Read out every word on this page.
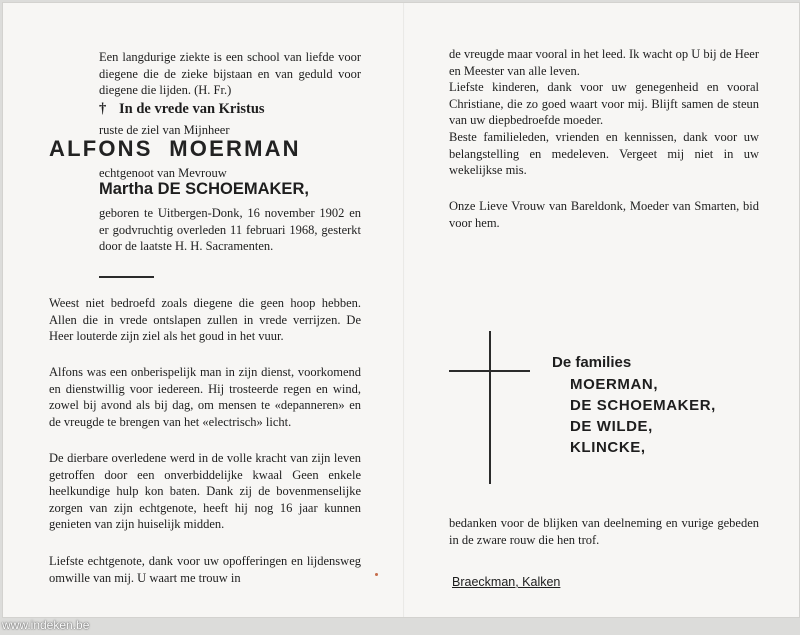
Een langdurige ziekte is een school van liefde voor diegene die de zieke bijstaan en van geduld voor diegene die lijden. (H. Fr.)

† In de vrede van Kristus

ruste de ziel van Mijnheer

ALFONS  MOERMAN

echtgenoot van Mevrouw

Martha DE SCHOEMAKER,

geboren te Uitbergen-Donk, 16 november 1902 en er godvruchtig overleden 11 februari 1968, gesterkt door de laatste H. H. Sacramenten.

Weest niet bedroefd zoals diegene die geen hoop hebben. Allen die in vrede ontslapen zullen in vrede verrijzen. De Heer louterde zijn ziel als het goud in het vuur.

Alfons was een onberispelijk man in zijn dienst, voorkomend en dienstwillig voor iedereen. Hij trosteerde regen en wind, zowel bij avond als bij dag, om mensen te «depanneren» en de vreugde te brengen van het «electrisch» licht.

De dierbare overledene werd in de volle kracht van zijn leven getroffen door een onverbiddelijke kwaal Geen enkele heelkundige hulp kon baten. Dank zij de bovenmenselijke zorgen van zijn echtgenote, heeft hij nog 16 jaar kunnen genieten van zijn huiselijk midden.

Liefste echtgenote, dank voor uw opofferingen en lijdensweg omwille van mij. U waart me trouw in

de vreugde maar vooral in het leed. Ik wacht op U bij de Heer en Meester van alle leven.
Liefste kinderen, dank voor uw genegenheid en vooral Christiane, die zo goed waart voor mij. Blijft samen de steun van uw diepbedroefde moeder.
Beste familieleden, vrienden en kennissen, dank voor uw belangstelling en medeleven. Vergeet mij niet in uw wekelijkse mis.

Onze Lieve Vrouw van Bareldonk, Moeder van Smarten, bid voor hem.

De families

MOERMAN,

DE SCHOEMAKER,

DE WILDE,

KLINCKE,

bedanken voor de blijken van deelneming en vurige gebeden in de zware rouw die hen trof.

Braeckman, Kalken

www.indeken.be
